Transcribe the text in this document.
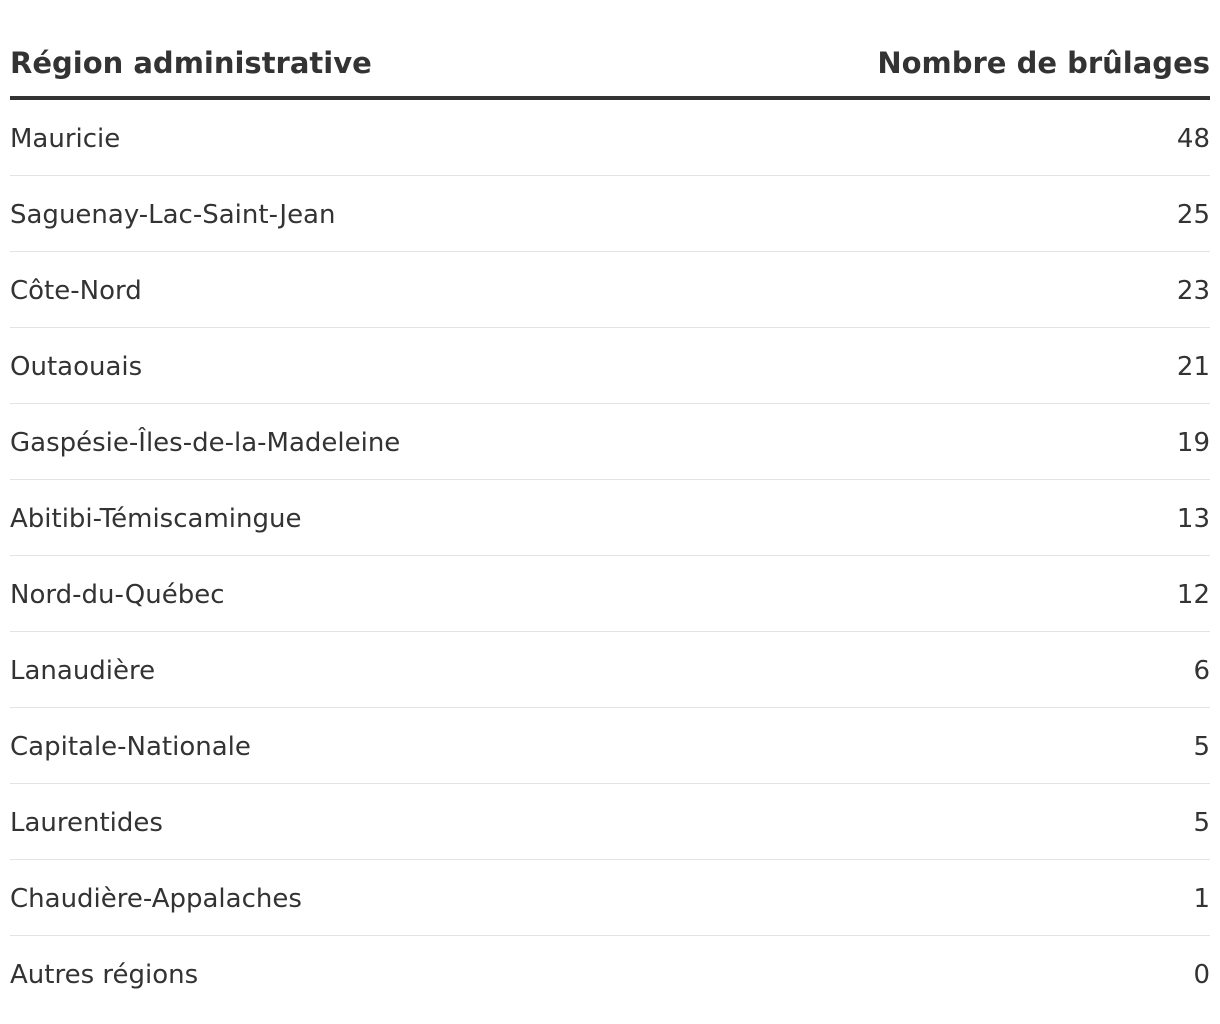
Région administrative	Nombre de brûlages
Mauricie	48
Saguenay-Lac-Saint-Jean	25
Côte-Nord	23
Outaouais	21
Gaspésie-Îles-de-la-Madeleine	19
Abitibi-Témiscamingue	13
Nord-du-Québec	12
Lanaudière	6
Capitale-Nationale	5
Laurentides	5
Chaudière-Appalaches	1
Autres régions	0
